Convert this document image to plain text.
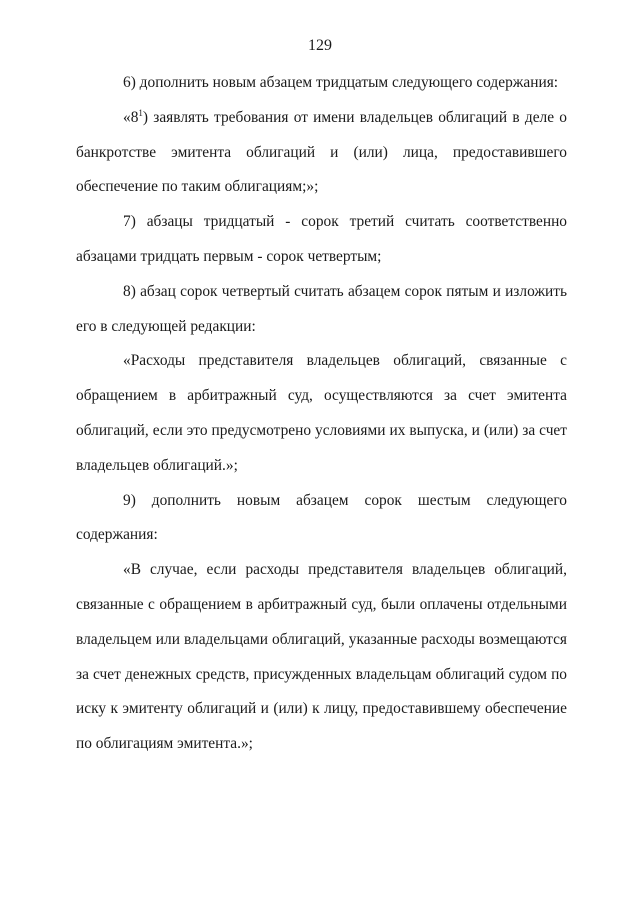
129

6) дополнить новым абзацем тридцатым следующего содержания:

«$8^1$) заявлять требования от имени владельцев облигаций в деле о банкротстве эмитента облигаций и (или) лица, предоставившего обеспечение по таким облигациям;»;

7) абзацы тридцатый - сорок третий считать соответственно абзацами тридцать первым - сорок четвертым;

8) абзац сорок четвертый считать абзацем сорок пятым и изложить его в следующей редакции:

«Расходы представителя владельцев облигаций, связанные с обращением в арбитражный суд, осуществляются за счет эмитента облигаций, если это предусмотрено условиями их выпуска, и (или) за счет владельцев облигаций.»;

9) дополнить новым абзацем сорок шестым следующего содержания:

«В случае, если расходы представителя владельцев облигаций, связанные с обращением в арбитражный суд, были оплачены отдельными владельцем или владельцами облигаций, указанные расходы возмещаются за счет денежных средств, присужденных владельцам облигаций судом по иску к эмитенту облигаций и (или) к лицу, предоставившему обеспечение по облигациям эмитента.»;
